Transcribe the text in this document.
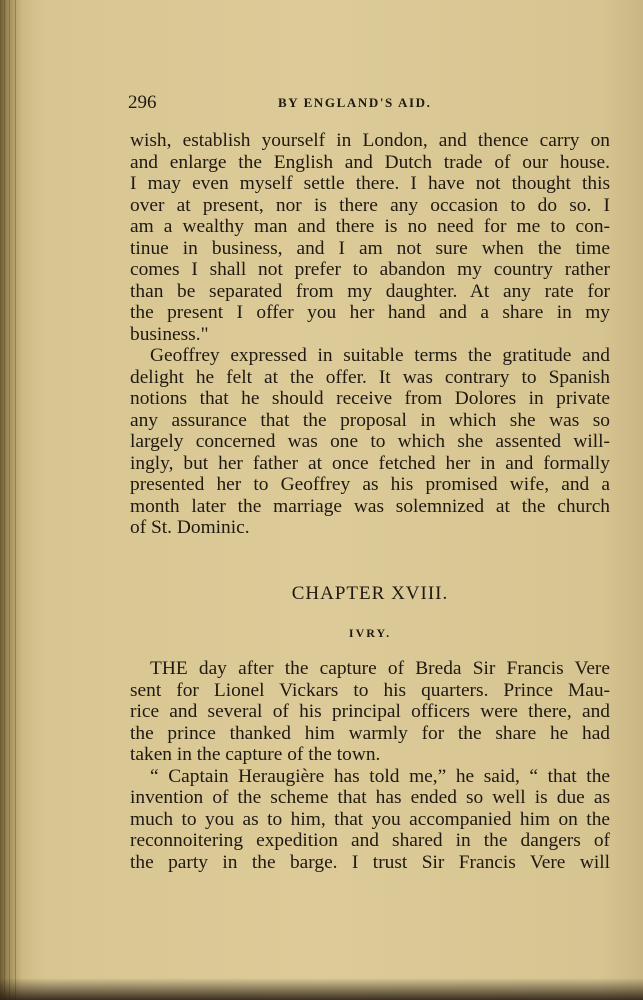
296	BY ENGLAND'S AID.
wish, establish yourself in London, and thence carry on
and enlarge the English and Dutch trade of our house.
I may even myself settle there. I have not thought this
over at present, nor is there any occasion to do so. I
am a wealthy man and there is no need for me to con-
tinue in business, and I am not sure when the time
comes I shall not prefer to abandon my country rather
than be separated from my daughter. At any rate for
the present I offer you her hand and a share in my
business."
Geoffrey expressed in suitable terms the gratitude and
delight he felt at the offer. It was contrary to Spanish
notions that he should receive from Dolores in private
any assurance that the proposal in which she was so
largely concerned was one to which she assented will-
ingly, but her father at once fetched her in and formally
presented her to Geoffrey as his promised wife, and a
month later the marriage was solemnized at the church
of St. Dominic.
CHAPTER XVIII.
IVRY.
THE day after the capture of Breda Sir Francis Vere
sent for Lionel Vickars to his quarters. Prince Mau-
rice and several of his principal officers were there, and
the prince thanked him warmly for the share he had
taken in the capture of the town.
“ Captain Heraugière has told me,” he said, “ that the
invention of the scheme that has ended so well is due as
much to you as to him, that you accompanied him on the
reconnoitering expedition and shared in the dangers of
the party in the barge. I trust Sir Francis Vere will
